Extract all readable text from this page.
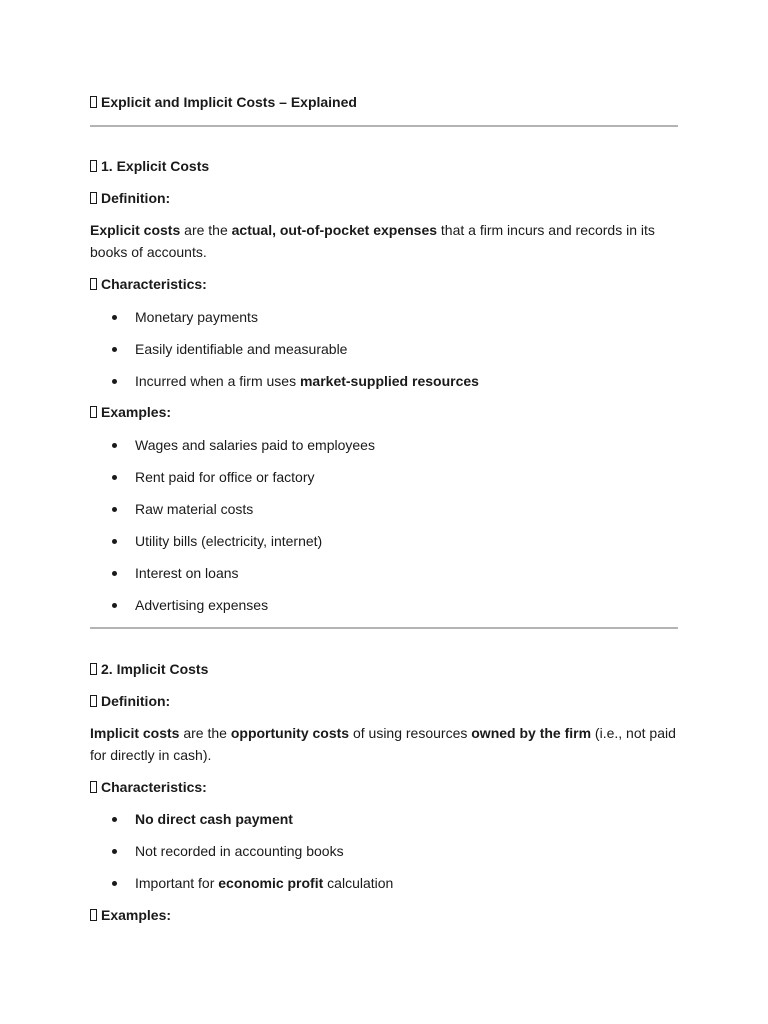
Explicit and Implicit Costs – Explained
1. Explicit Costs
Definition:
Explicit costs are the actual, out-of-pocket expenses that a firm incurs and records in its books of accounts.
Characteristics:
Monetary payments
Easily identifiable and measurable
Incurred when a firm uses market-supplied resources
Examples:
Wages and salaries paid to employees
Rent paid for office or factory
Raw material costs
Utility bills (electricity, internet)
Interest on loans
Advertising expenses
2. Implicit Costs
Definition:
Implicit costs are the opportunity costs of using resources owned by the firm (i.e., not paid for directly in cash).
Characteristics:
No direct cash payment
Not recorded in accounting books
Important for economic profit calculation
Examples:
